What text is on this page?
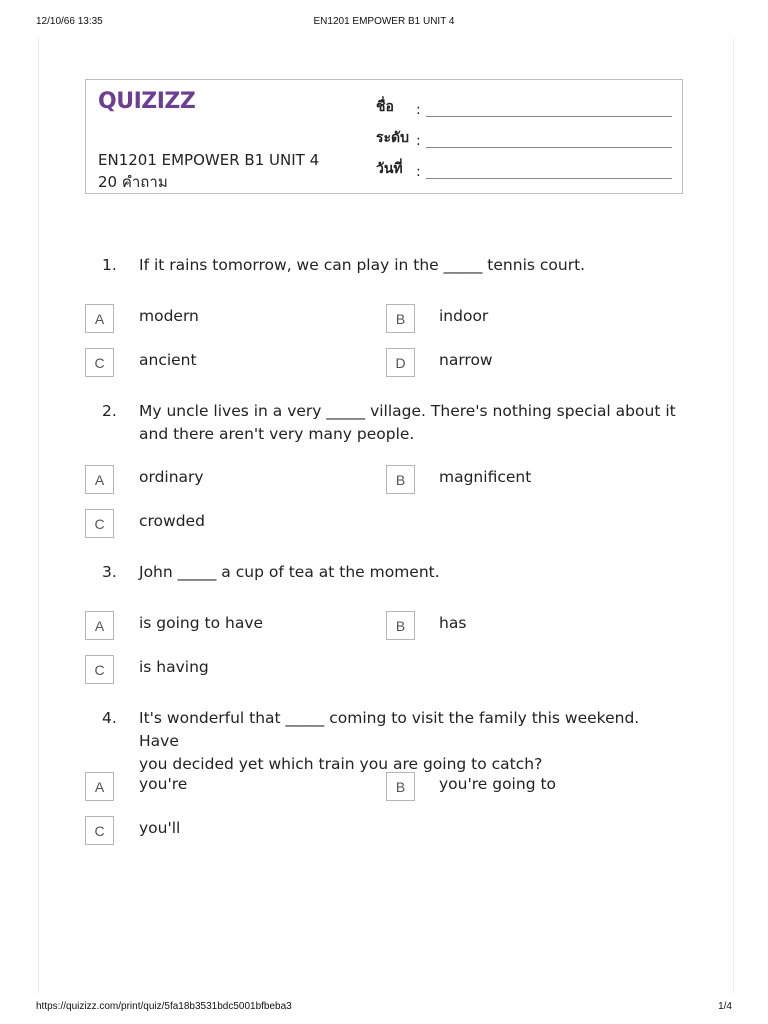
12/10/66 13:35	EN1201 EMPOWER B1 UNIT 4
QUIZIZZ
EN1201 EMPOWER B1 UNIT 4
20 คำถาม
ชื่อ :
ระดับ :
วันที่ :
1. If it rains tomorrow, we can play in the _____ tennis court.
A	modern	B	indoor
C	ancient	D	narrow
2. My uncle lives in a very _____ village. There's nothing special about it
and there aren't very many people.
A	ordinary	B	magnificent
C	crowded
3. John _____ a cup of tea at the moment.
A	is going to have	B	has
C	is having
4. It's wonderful that _____ coming to visit the family this weekend. Have
you decided yet which train you are going to catch?
A	you're	B	you're going to
C	you'll
https://quizizz.com/print/quiz/5fa18b3531bdc5001bfbeba3	1/4
